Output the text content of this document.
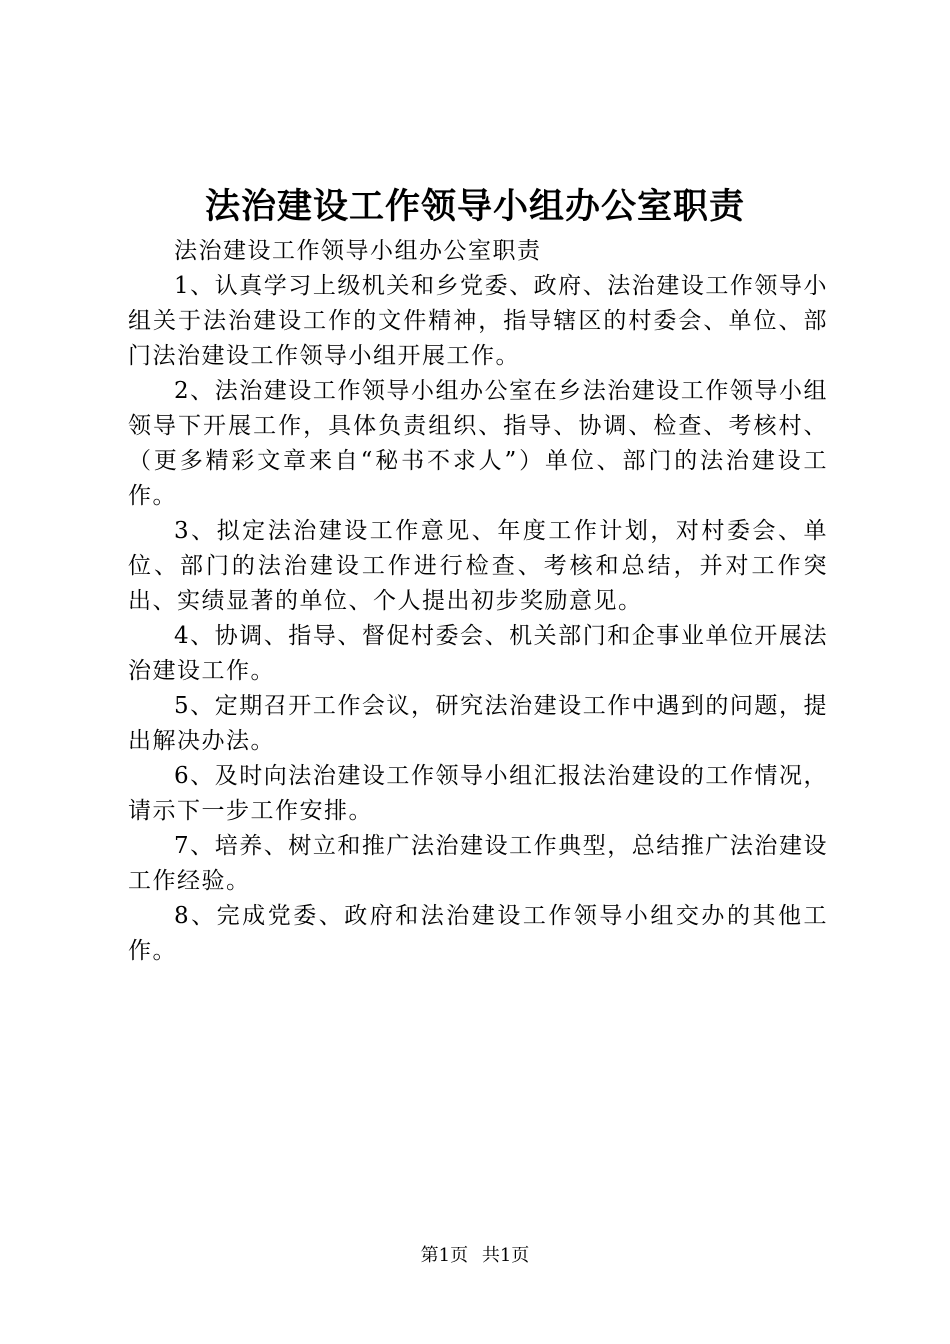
法治建设工作领导小组办公室职责

法治建设工作领导小组办公室职责

1、认真学习上级机关和乡党委、政府、法治建设工作领导小组关于法治建设工作的文件精神，指导辖区的村委会、单位、部门法治建设工作领导小组开展工作。

2、法治建设工作领导小组办公室在乡法治建设工作领导小组领导下开展工作，具体负责组织、指导、协调、检查、考核村、（更多精彩文章来自“秘书不求人”）单位、部门的法治建设工作。

3、拟定法治建设工作意见、年度工作计划，对村委会、单位、部门的法治建设工作进行检查、考核和总结，并对工作突出、实绩显著的单位、个人提出初步奖励意见。

4、协调、指导、督促村委会、机关部门和企事业单位开展法治建设工作。

5、定期召开工作会议，研究法治建设工作中遇到的问题，提出解决办法。

6、及时向法治建设工作领导小组汇报法治建设的工作情况，请示下一步工作安排。

7、培养、树立和推广法治建设工作典型，总结推广法治建设工作经验。

8、完成党委、政府和法治建设工作领导小组交办的其他工作。

第1页 共1页
